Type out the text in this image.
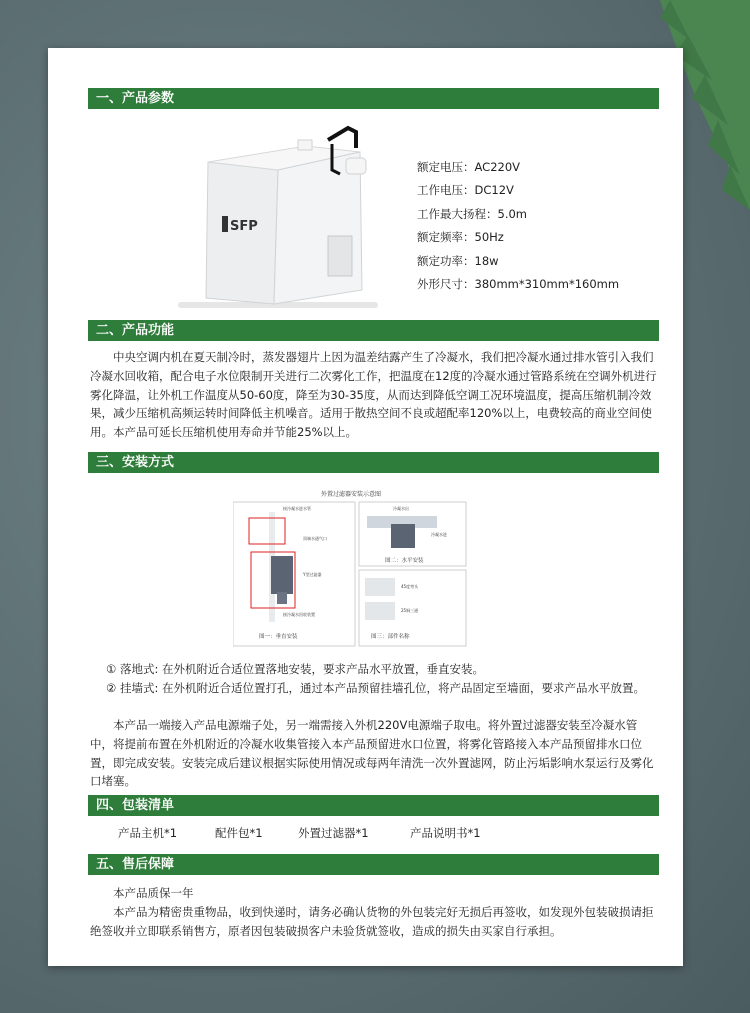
一、产品参数
SFP
额定电压：AC220V
工作电压：DC12V
工作最大扬程：5.0m
额定频率：50Hz
额定功率：18w
外形尺寸：380mm*310mm*160mm
二、产品功能

中央空调内机在夏天制冷时，蒸发器翅片上因为温差结露产生了冷凝水，我们把冷凝水通过排水管引入我们冷凝水回收箱，配合电子水位限制开关进行二次雾化工作，把温度在12度的冷凝水通过管路系统在空调外机进行雾化降温，让外机工作温度从50-60度，降至为30-35度，从而达到降低空调工况环境温度，提高压缩机制冷效果，减少压缩机高频运转时间降低主机噪音。适用于散热空间不良或超配率120%以上，电费较高的商业空间使用。本产品可延长压缩机使用寿命并节能25%以上。

三、安装方式
外置过滤器安装示意图
接冷凝水进水管
顶端水通气口
Y型过滤器
接冷凝水回收装置
图一：垂直安装
冷凝水出
冷凝水进
图二：水平安装
45度弯头
25铜三通
图三：部件名称

① 落地式: 在外机附近合适位置落地安装，要求产品水平放置，垂直安装。

② 挂墙式: 在外机附近合适位置打孔，通过本产品预留挂墙孔位，将产品固定至墙面，要求产品水平放置。

本产品一端接入产品电源端子处，另一端需接入外机220V电源端子取电。将外置过滤器安装至冷凝水管中，将提前布置在外机附近的冷凝水收集管接入本产品预留进水口位置，将雾化管路接入本产品预留排水口位置，即完成安装。安装完成后建议根据实际使用情况或每两年清洗一次外置滤网，防止污垢影响水泵运行及雾化口堵塞。

四、包装清单
产品主机*1	配件包*1	外置过滤器*1	产品说明书*1
五、售后保障

本产品质保一年

本产品为精密贵重物品，收到快递时，请务必确认货物的外包装完好无损后再签收，如发现外包装破损请拒绝签收并立即联系销售方，原者因包装破损客户未验货就签收，造成的损失由买家自行承担。
